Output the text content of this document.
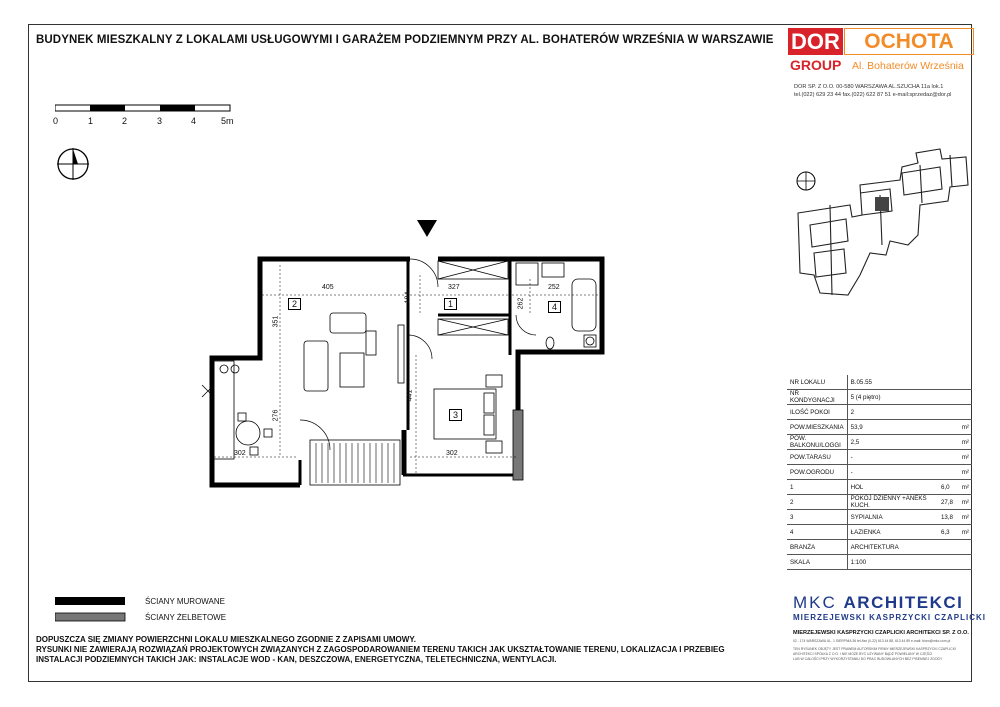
BUDYNEK MIESZKALNY Z LOKALAMI USŁUGOWYMI I GARAŻEM PODZIEMNYM PRZY AL. BOHATERÓW WRZEŚNIA W WARSZAWIE DOR	OCHOTA
GROUP Al. Bohaterów Września
DOR SP. Z O.O. 00-580 WARSZAWA AL.SZUCHA 11a lok.1
tel.(022) 629 23 44 fax.(022) 622 87 51 e-mail:sprzedaz@dor.pl
0	1	2	3	4	5m
405	327	252
262
184
351
276
441
302	302
2	1	4
3
ŚCIANY MUROWANE
ŚCIANY ŻELBETOWE
DOPUSZCZA SIĘ ZMIANY POWIERZCHNI LOKALU MIESZKALNEGO ZGODNIE Z ZAPISAMI UMOWY.
RYSUNKI NIE ZAWIERAJĄ ROZWIĄZAŃ PROJEKTOWYCH ZWIĄZANYCH Z ZAGOSPODAROWANIEM TERENU TAKICH JAK UKSZTAŁTOWANIE TERENU, LOKALIZACJA I PRZEBIEG
INSTALACJI PODZIEMNYCH TAKICH JAK: INSTALACJE WOD - KAN, DESZCZOWA, ENERGETYCZNA, TELETECHNICZNA, WENTYLACJI.
NR LOKALU	B.05.55		
NR KONDYGNACJI	5 (4 piętro)		
ILOŚĆ POKOI	2		
POW.MIESZKANIA	53,9		m²
POW. BALKONU/LOGGI	2,5		m²
POW.TARASU	-		m²
POW.OGRODU	-		m²
1	HOL	6,0	m²
2	POKÓJ DZIENNY +ANEKS KUCH.	27,8	m²
3	SYPIALNIA	13,8	m²
4	ŁAZIENKA	6,3	m²
BRANŻA	ARCHITEKTURA		
SKALA	1:100		
MKC ARCHITEKCI
MIERZEJEWSKI KASPRZYCKI CZAPLICKI
MIERZEJEWSKI KASPRZYCKI CZAPLICKI ARCHITEKCI SP. Z O.O.
02 - 174 WARSZAWA UL. 1 SIERPNIA 36 tel./fax (0-22) 613 44 88, 613 44 89 e-mail: biuro@mkc.com.pl
TEN RYSUNEK OBJĘTY JEST PRAWEM AUTORSKIM FIRMY MIERZEJEWSKI KASPRZYCKI CZAPLICKI
ARCHITEKCI SPÓŁKA Z O.O. I NIE MOŻE BYĆ UŻYWANY BĄDŹ POWIELANY W CZĘŚCI
LUB W CAŁOŚCI PRZY WYKORZYSTANIU DO PRAC BUDOWLANYCH BEZ PISEMNEJ ZGODY
